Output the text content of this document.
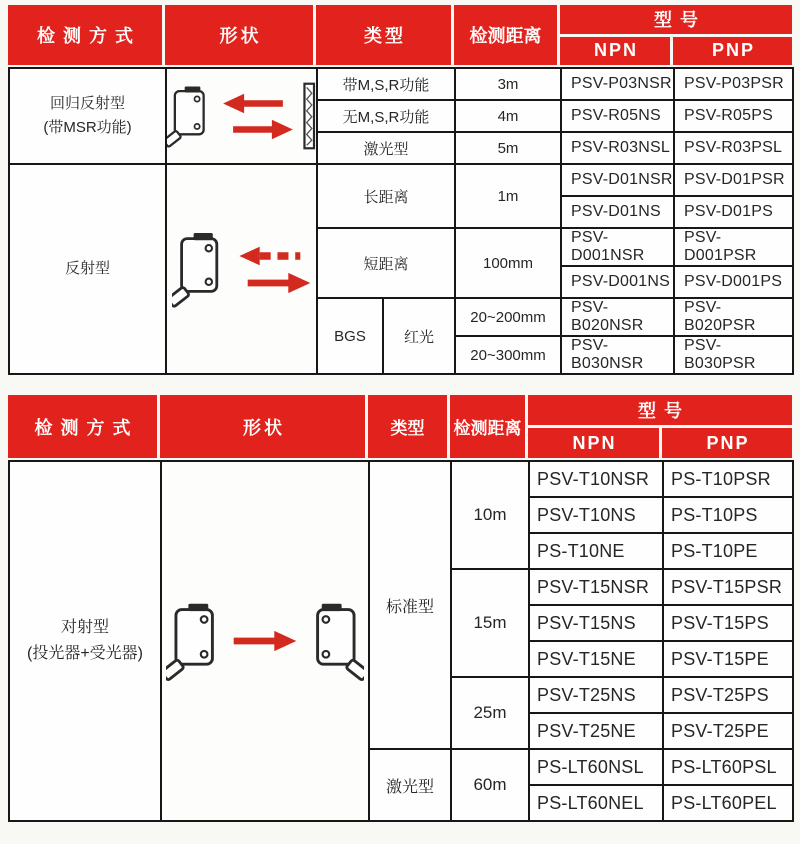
检测方式	形状	类型	检测距离
型号
NPN	PNP
回归反射型
(带MSR功能)		带M,S,R功能		3m	PSV-P03NSR	PSV-P03PSR
		无M,S,R功能		4m	PSV-R05NS	PSV-R05PS
		激光型		5m	PSV-R03NSL	PSV-R03PSL
反射型		长距离		1m	PSV-D01NSR	PSV-D01PSR
					PSV-D01NS	PSV-D01PS
		短距离		100mm	PSV-D001NSR	PSV-D001PSR
					PSV-D001NS	PSV-D001PS
		BGS	红光	20~200mm	PSV-B020NSR	PSV-B020PSR
				20~300mm	PSV-B030NSR	PSV-B030PSR
检测方式	形状	类型	检测距离
型号
NPN	PNP
对射型
(投光器+受光器)		标准型	10m	PSV-T10NSR	PS-T10PSR
				PSV-T10NS	PS-T10PS
				PS-T10NE	PS-T10PE
			15m	PSV-T15NSR	PSV-T15PSR
				PSV-T15NS	PSV-T15PS
				PSV-T15NE	PSV-T15PE
			25m	PSV-T25NS	PSV-T25PS
				PSV-T25NE	PSV-T25PE
		激光型	60m	PS-LT60NSL	PS-LT60PSL
				PS-LT60NEL	PS-LT60PEL
